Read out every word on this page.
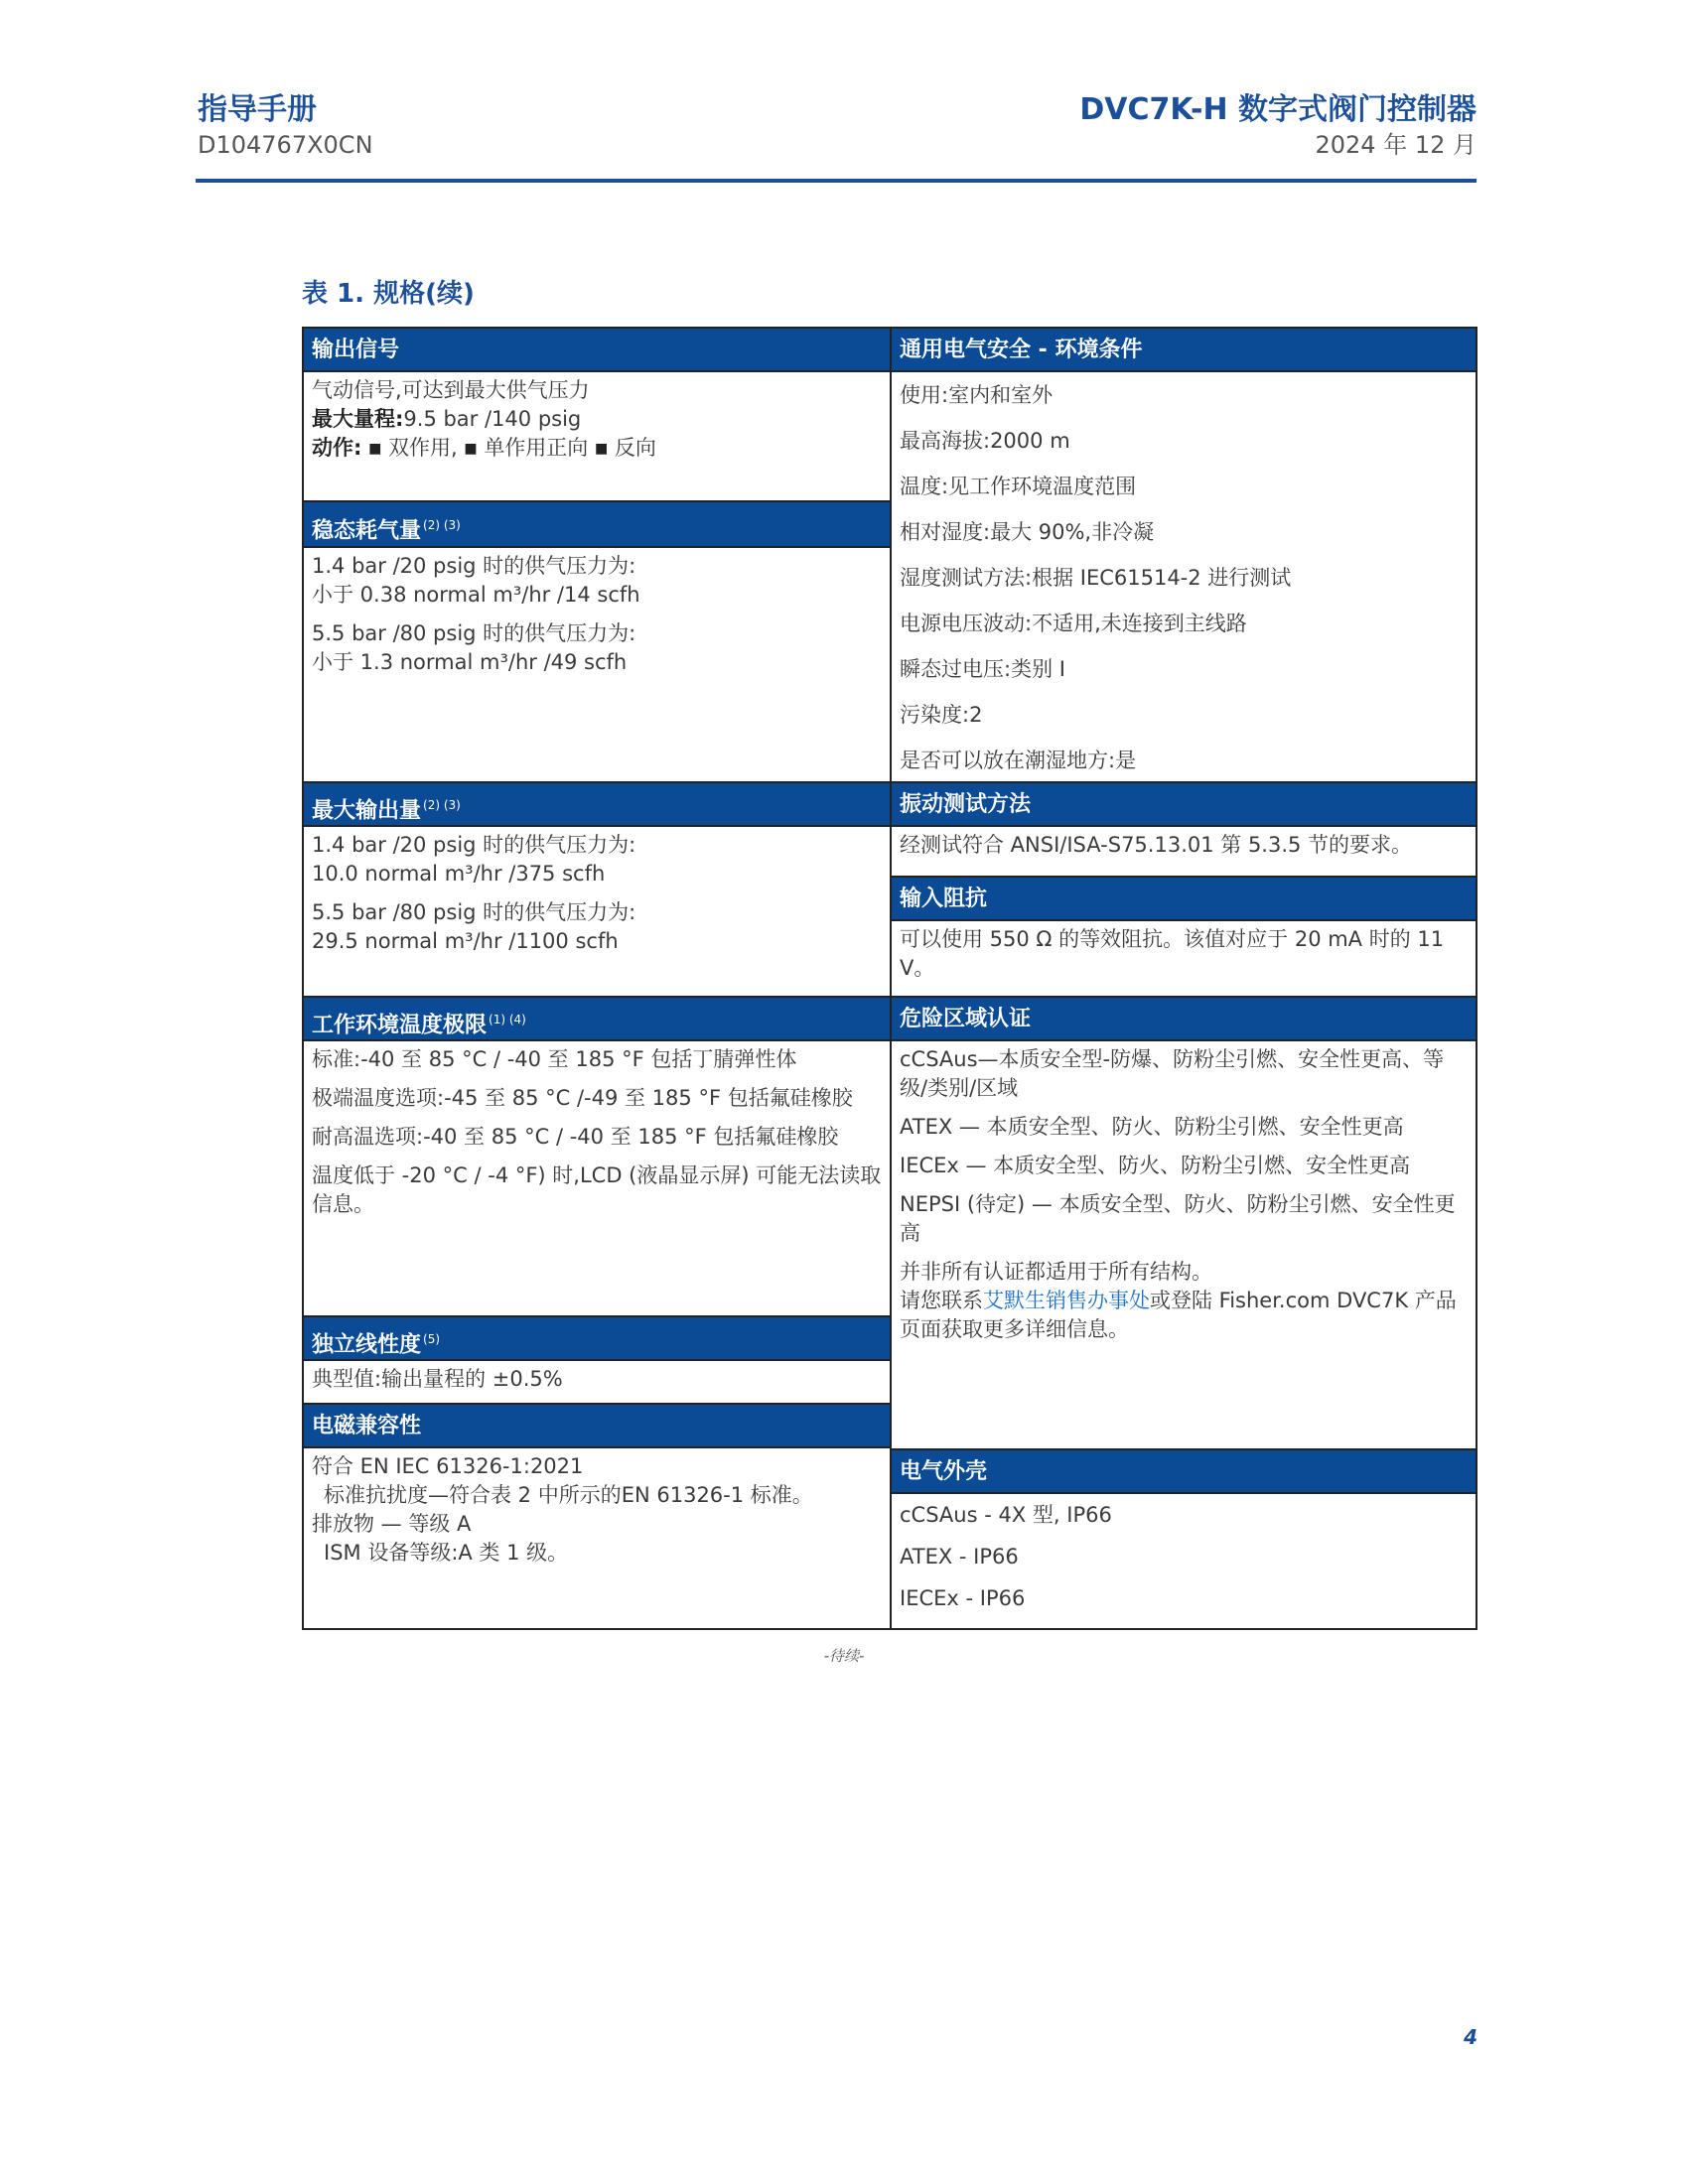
指导手册
D104767X0CN
DVC7K-H 数字式阀门控制器
2024 年 12 月
表 1. 规格(续)
输出信号
气动信号,可达到最大供气压力
最大量程:9.5 bar /140 psig
动作: ■ 双作用, ■ 单作用正向 ■ 反向
稳态耗气量 $^{(2) (3)}$

1.4 bar /20 psig 时的供气压力为:
小于 0.38 normal m³/hr /14 scfh

5.5 bar /80 psig 时的供气压力为:
小于 1.3 normal m³/hr /49 scfh

最大输出量 $^{(2) (3)}$

1.4 bar /20 psig 时的供气压力为:
10.0 normal m³/hr /375 scfh

5.5 bar /80 psig 时的供气压力为:
29.5 normal m³/hr /1100 scfh

工作环境温度极限 $^{(1) (4)}$

标准:-40 至 85 °C / -40 至 185 °F 包括丁腈弹性体

极端温度选项:-45 至 85 °C /-49 至 185 °F 包括氟硅橡胶

耐高温选项:-40 至 85 °C / -40 至 185 °F 包括氟硅橡胶

温度低于 -20 °C / -4 °F) 时,LCD (液晶显示屏) 可能无法读取信息。

独立线性度 $^{(5)}$
典型值:输出量程的 ±0.5%
电磁兼容性
符合 EN IEC 61326-1:2021
标准抗扰度—符合表 2 中所示的EN 61326-1 标准。
排放物 — 等级 A
ISM 设备等级:A 类 1 级。
通用电气安全 - 环境条件
使用:室内和室外
最高海拔:2000 m
温度:见工作环境温度范围
相对湿度:最大 90%,非冷凝
湿度测试方法:根据 IEC61514-2 进行测试
电源电压波动:不适用,未连接到主线路
瞬态过电压:类别 I
污染度:2
是否可以放在潮湿地方:是
振动测试方法
经测试符合 ANSI/ISA-S75.13.01 第 5.3.5 节的要求。
输入阻抗
可以使用 550 Ω 的等效阻抗。该值对应于 20 mA 时的 11 V。
危险区域认证

cCSAus—本质安全型-防爆、防粉尘引燃、安全性更高、等级/类别/区域

ATEX — 本质安全型、防火、防粉尘引燃、安全性更高

IECEx — 本质安全型、防火、防粉尘引燃、安全性更高

NEPSI (待定) — 本质安全型、防火、防粉尘引燃、安全性更高

并非所有认证都适用于所有结构。
请您联系艾默生销售办事处或登陆 Fisher.com DVC7K 产品页面获取更多详细信息。
电气外壳
cCSAus - 4X 型, IP66
ATEX - IP66
IECEx - IP66
-待续-
4
